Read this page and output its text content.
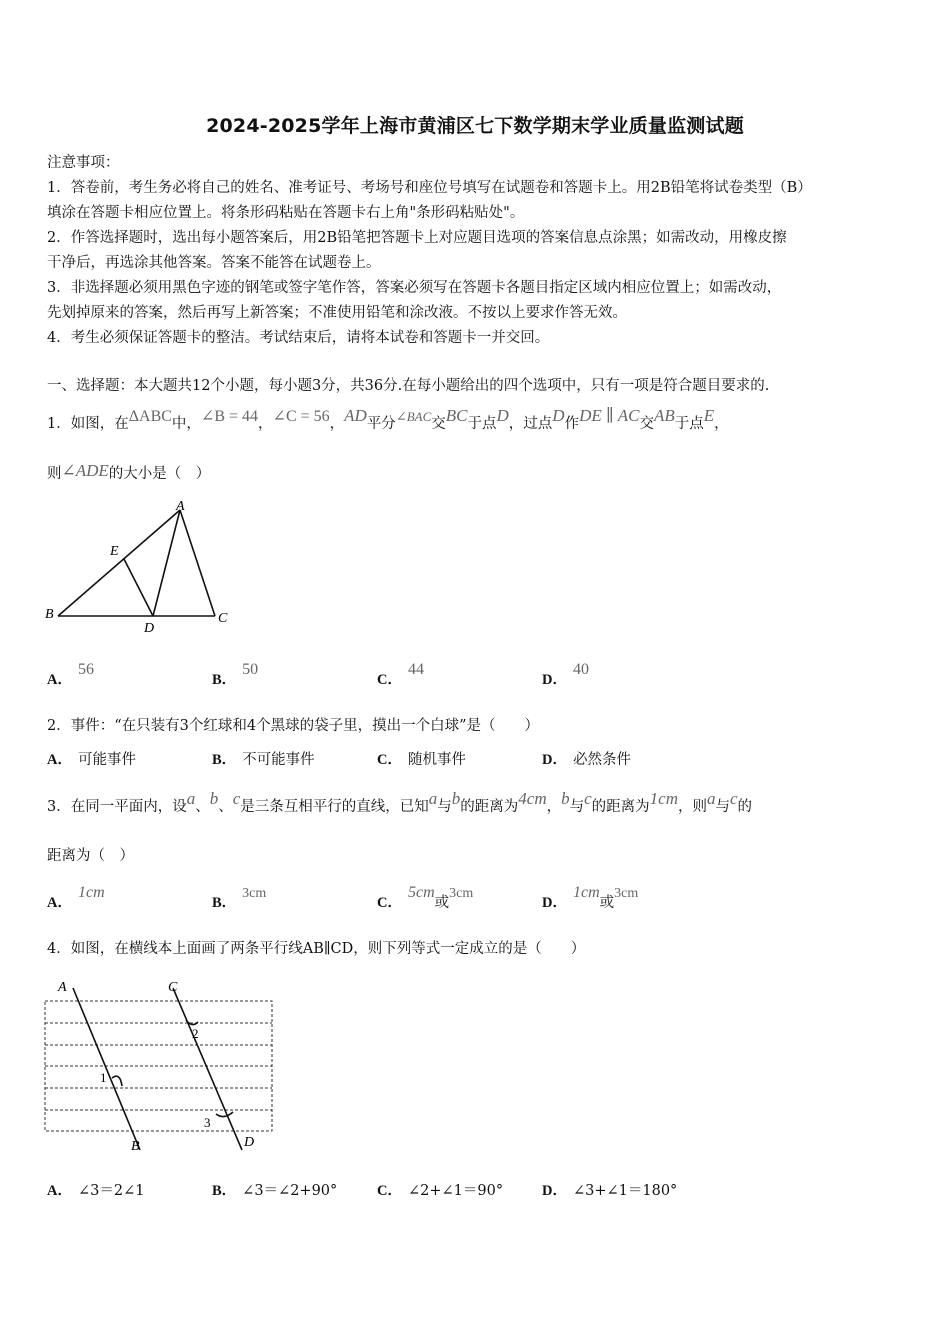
2024-2025学年上海市黄浦区七下数学期末学业质量监测试题
注意事项：
1．答卷前，考生务必将自己的姓名、准考证号、考场号和座位号填写在试题卷和答题卡上。用2B铅笔将试卷类型（B）
填涂在答题卡相应位置上。将条形码粘贴在答题卡右上角"条形码粘贴处"。
2．作答选择题时，选出每小题答案后，用2B铅笔把答题卡上对应题目选项的答案信息点涂黑；如需改动，用橡皮擦
干净后，再选涂其他答案。答案不能答在试题卷上。
3．非选择题必须用黑色字迹的钢笔或签字笔作答，答案必须写在答题卡各题目指定区域内相应位置上；如需改动，
先划掉原来的答案，然后再写上新答案；不准使用铅笔和涂改液。不按以上要求作答无效。
4．考生必须保证答题卡的整洁。考试结束后，请将本试卷和答题卡一并交回。
一、选择题：本大题共12个小题，每小题3分，共36分.在每小题给出的四个选项中，只有一项是符合题目要求的.
1．如图，在ΔABC中，∠B = 44，∠C = 56，AD平分∠BAC交BC于点D，过点D作DE ∥ AC交AB于点E，
则∠ADE的大小是（　）
A
B	C
D
E
A．56
B．50
C．44
D．40
2．事件：“在只装有3个红球和4个黑球的袋子里，摸出一个白球”是（　　）
A． 可能事件	B． 不可能事件	C． 随机事件	D． 必然条件
3．在同一平面内，设a、b、c是三条互相平行的直线，已知a与b的距离为4cm，b与c的距离为1cm，则a与c的
距离为（　）
A．1cm
B．3cm
C．5cm或3cm
D．1cm或3cm
4．如图，在横线本上面画了两条平行线AB∥CD，则下列等式一定成立的是（　　）
A	C
B	D
1
2
3
A． ∠3＝2∠1	B． ∠3＝∠2+90°	C． ∠2+∠1＝90°	D． ∠3+∠1＝180°
